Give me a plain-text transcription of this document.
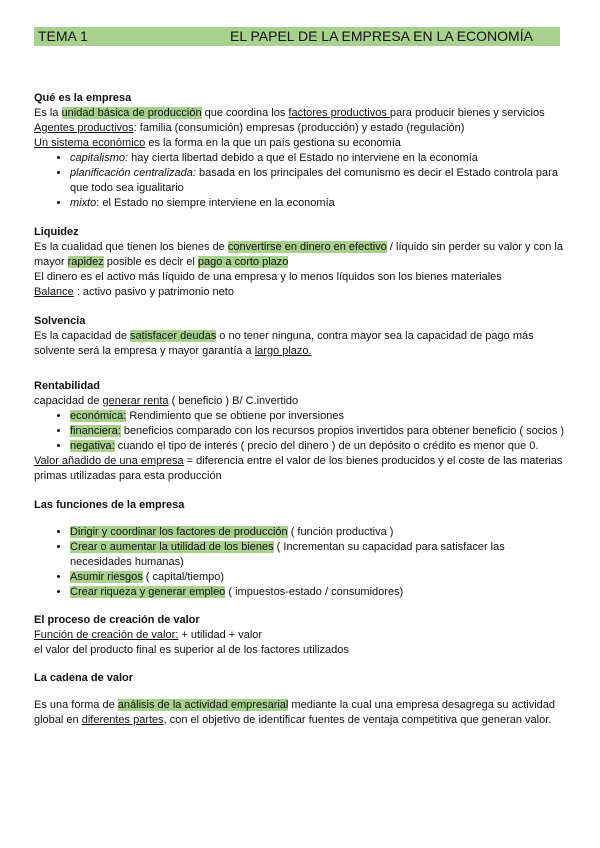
TEMA 1	EL PAPEL DE LA EMPRESA EN LA ECONOMÍA
Qué es la empresa
Es la unidad básica de producción que coordina los factores productivos para producir bienes y servicios
Agentes productivos: familia (consumición) empresas (producción) y estado (regulación)
Un sistema económico es la forma en la que un país gestiona su economía
• capitalismo: hay cierta libertad debido a que el Estado no interviene en la economía
• planificación centralizada: basada en los principales del comunismo es decir el Estado controla para que todo sea igualitario
• mixto: el Estado no siempre interviene en la economía
Liquidez
Es la cualidad que tienen los bienes de convertirse en dinero en efectivo / líquido sin perder su valor y con la mayor rapidez posible es decir el pago a corto plazo
El dinero es el activo más líquido de una empresa y lo menos líquidos son los bienes materiales
Balance : activo pasivo y patrimonio neto
Solvencia
Es la capacidad de satisfacer deudas o no tener ninguna, contra mayor sea la capacidad de pago más solvente será la empresa y mayor garantía a largo plazo.
Rentabilidad
capacidad de generar renta ( beneficio ) B/ C.invertido
• económica: Rendimiento que se obtiene por inversiones
• financiera: beneficios comparado con los recursos propios invertidos para obtener beneficio ( socios )
• negativa: cuando el tipo de interés ( precio del dinero ) de un depósito o crédito es menor que 0.
Valor añadido de una empresa = diferencia entre el valor de los bienes producidos y el coste de las materias primas utilizadas para esta producción
Las funciones de la empresa
• Dirigir y coordinar los factores de producción ( función productiva )
• Crear o aumentar la utilidad de los bienes ( Incrementan su capacidad para satisfacer las necesidades humanas)
• Asumir riesgos ( capital/tiempo)
• Crear riqueza y generar empleo ( impuestos-estado / consumidores)
El proceso de creación de valor
Función de creación de valor: + utilidad + valor
el valor del producto final es superior al de los factores utilizados
La cadena de valor
Es una forma de análisis de la actividad empresarial mediante la cual una empresa desagrega su actividad global en diferentes partes, con el objetivo de identificar fuentes de ventaja competitiva que generan valor.
